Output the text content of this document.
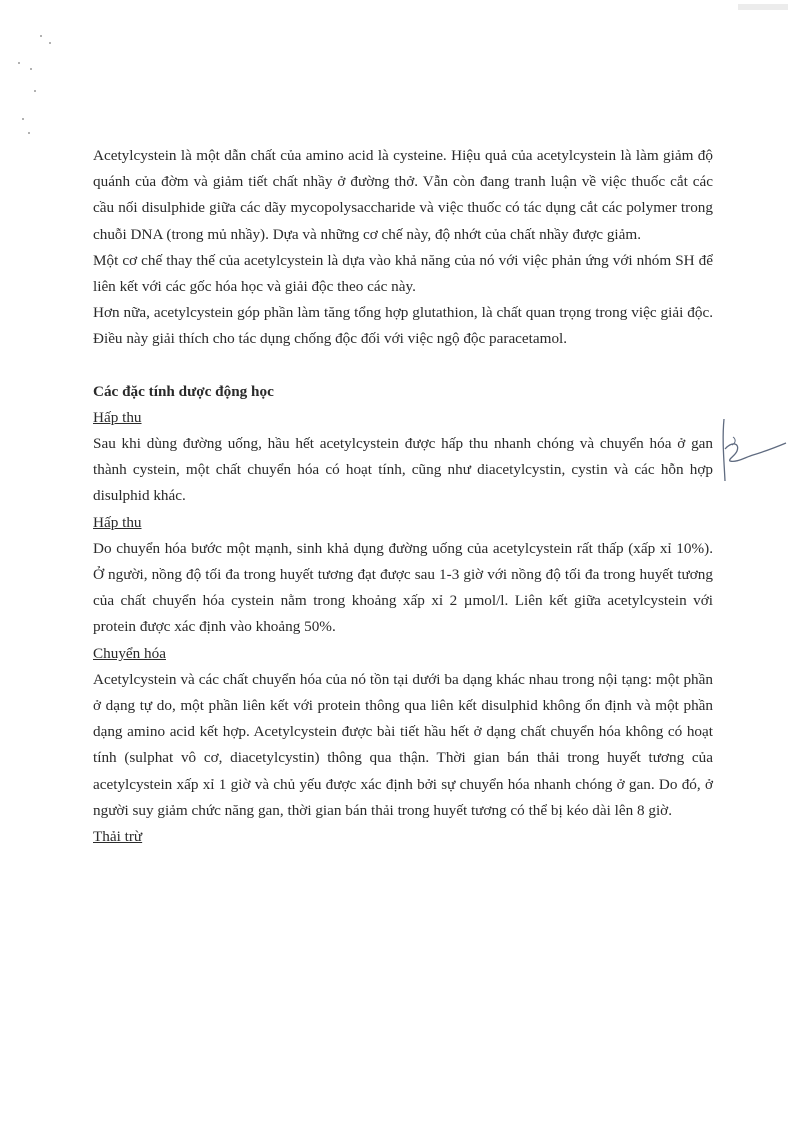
Acetylcystein là một dẫn chất của amino acid là cysteine. Hiệu quả của acetylcystein là làm giảm độ quánh của đờm và giảm tiết chất nhầy ở đường thở. Vẫn còn đang tranh luận về việc thuốc cắt các cầu nối disulphide giữa các dãy mycopolysaccharide và việc thuốc có tác dụng cắt các polymer trong chuỗi DNA (trong mủ nhầy). Dựa và những cơ chế này, độ nhớt của chất nhầy được giảm.

Một cơ chế thay thế của acetylcystein là dựa vào khả năng của nó với việc phản ứng với nhóm SH để liên kết với các gốc hóa học và giải độc theo các này.

Hơn nữa, acetylcystein góp phần làm tăng tổng hợp glutathion, là chất quan trọng trong việc giải độc. Điều này giải thích cho tác dụng chống độc đối với việc ngộ độc paracetamol.

Các đặc tính dược động học

Hấp thu

Sau khi dùng đường uống, hầu hết acetylcystein được hấp thu nhanh chóng và chuyển hóa ở gan thành cystein, một chất chuyển hóa có hoạt tính, cũng như diacetylcystin, cystin và các hỗn hợp disulphid khác.

Hấp thu

Do chuyển hóa bước một mạnh, sinh khả dụng đường uống của acetylcystein rất thấp (xấp xỉ 10%). Ở người, nồng độ tối đa trong huyết tương đạt được sau 1-3 giờ với nồng độ tối đa trong huyết tương của chất chuyển hóa cystein nằm trong khoảng xấp xỉ 2 µmol/l. Liên kết giữa acetylcystein với protein được xác định vào khoảng 50%.

Chuyển hóa

Acetylcystein và các chất chuyển hóa của nó tồn tại dưới ba dạng khác nhau trong nội tạng: một phần ở dạng tự do, một phần liên kết với protein thông qua liên kết disulphid không ổn định và một phần dạng amino acid kết hợp. Acetylcystein được bài tiết hầu hết ở dạng chất chuyển hóa không có hoạt tính (sulphat vô cơ, diacetylcystin) thông qua thận. Thời gian bán thải trong huyết tương của acetylcystein xấp xỉ 1 giờ và chủ yếu được xác định bởi sự chuyển hóa nhanh chóng ở gan. Do đó, ở người suy giảm chức năng gan, thời gian bán thải trong huyết tương có thể bị kéo dài lên 8 giờ.

Thải trừ
